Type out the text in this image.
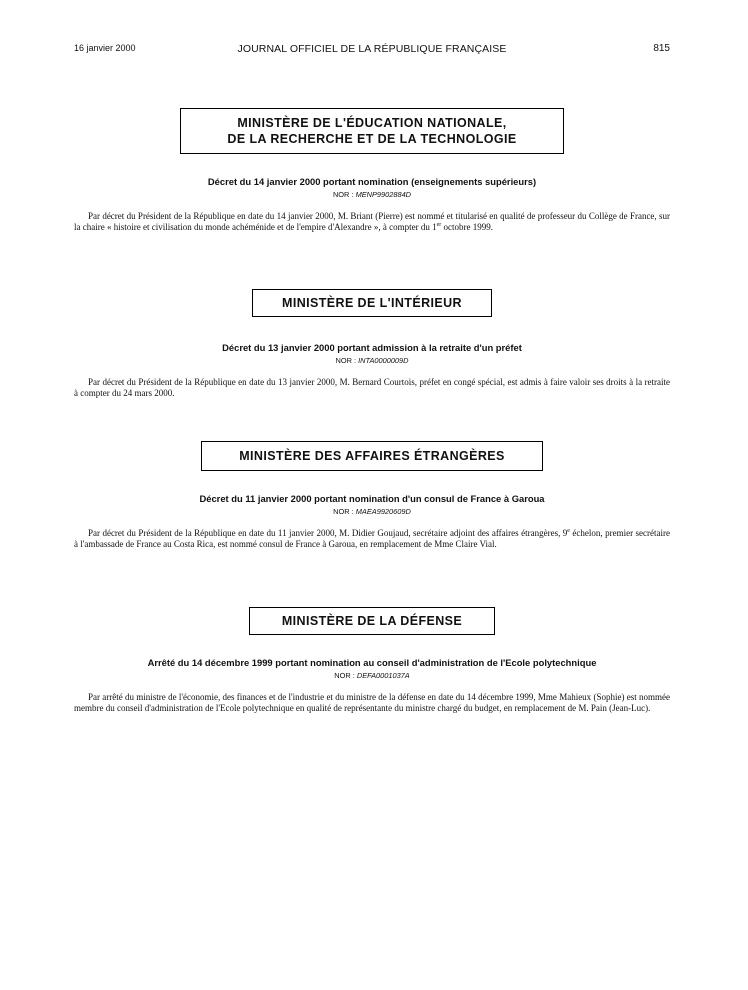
16 janvier 2000	JOURNAL OFFICIEL DE LA RÉPUBLIQUE FRANÇAISE	815
MINISTÈRE DE L'ÉDUCATION NATIONALE,
DE LA RECHERCHE ET DE LA TECHNOLOGIE
Décret du 14 janvier 2000 portant nomination (enseignements supérieurs)
NOR : MENP9902884D
Par décret du Président de la République en date du 14 janvier 2000, M. Briant (Pierre) est nommé et titularisé en qualité de professeur du Collège de France, sur la chaire « histoire et civilisation du monde achéménide et de l'empire d'Alexandre », à compter du 1er octobre 1999.
MINISTÈRE DE L'INTÉRIEUR
Décret du 13 janvier 2000 portant admission à la retraite d'un préfet
NOR : INTA0000009D
Par décret du Président de la République en date du 13 janvier 2000, M. Bernard Courtois, préfet en congé spécial, est admis à faire valoir ses droits à la retraite à compter du 24 mars 2000.
MINISTÈRE DES AFFAIRES ÉTRANGÈRES
Décret du 11 janvier 2000 portant nomination d'un consul de France à Garoua
NOR : MAEA9920609D
Par décret du Président de la République en date du 11 janvier 2000, M. Didier Goujaud, secrétaire adjoint des affaires étrangères, 9e échelon, premier secrétaire à l'ambassade de France au Costa Rica, est nommé consul de France à Garoua, en remplacement de Mme Claire Vial.
MINISTÈRE DE LA DÉFENSE
Arrêté du 14 décembre 1999 portant nomination au conseil d'administration de l'Ecole polytechnique
NOR : DEFA0001037A
Par arrêté du ministre de l'économie, des finances et de l'industrie et du ministre de la défense en date du 14 décembre 1999, Mme Mahieux (Sophie) est nommée membre du conseil d'administration de l'Ecole polytechnique en qualité de représentante du ministre chargé du budget, en remplacement de M. Pain (Jean-Luc).
